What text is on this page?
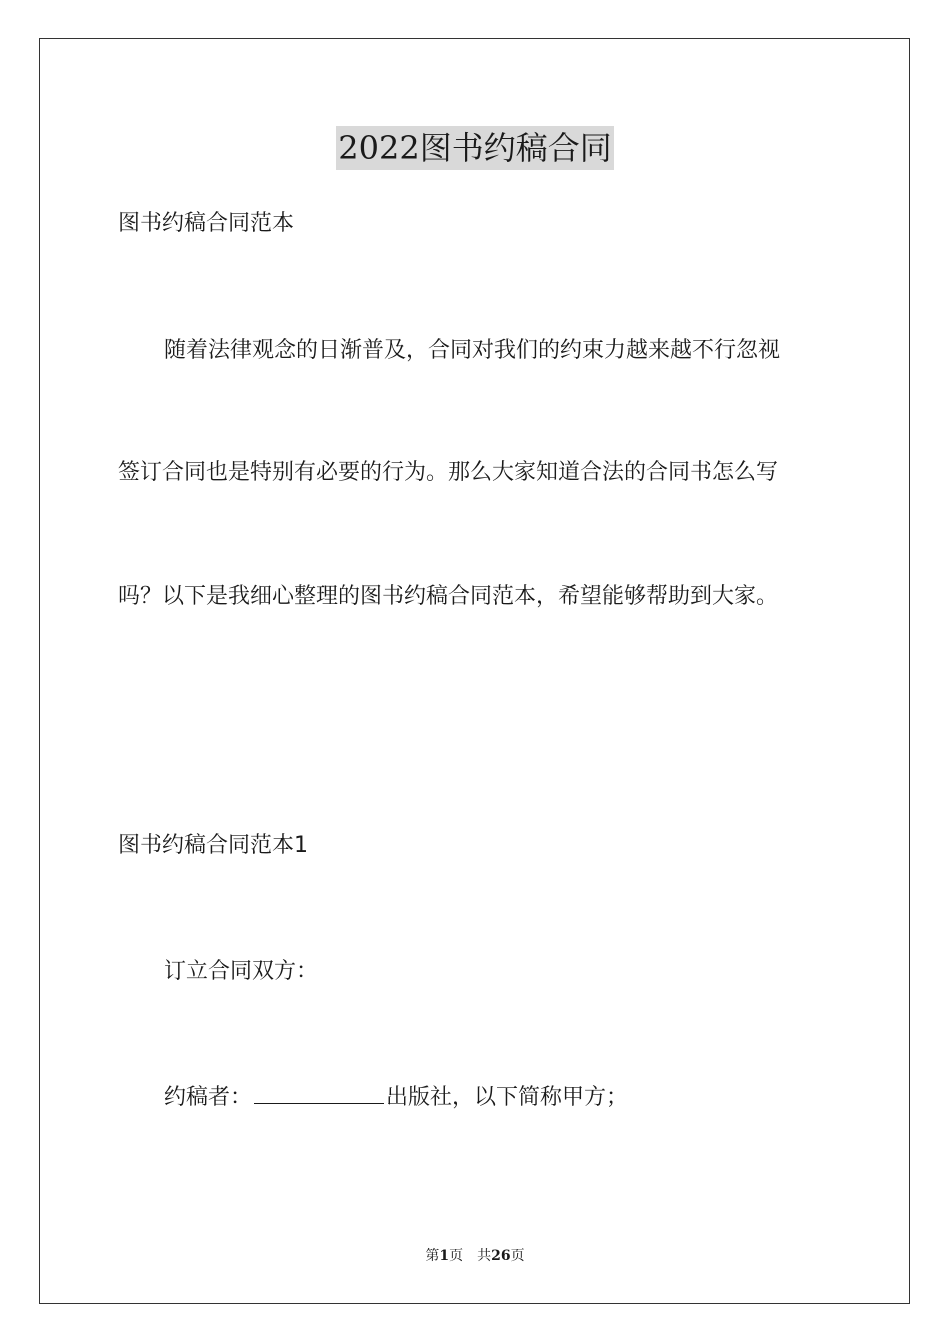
2022图书约稿合同
图书约稿合同范本
随着法律观念的日渐普及，合同对我们的约束力越来越不行忽视
签订合同也是特别有必要的行为。那么大家知道合法的合同书怎么写
吗？以下是我细心整理的图书约稿合同范本，希望能够帮助到大家。
图书约稿合同范本1
订立合同双方：
约稿者：	出版社，以下简称甲方；
第1页 共26页
